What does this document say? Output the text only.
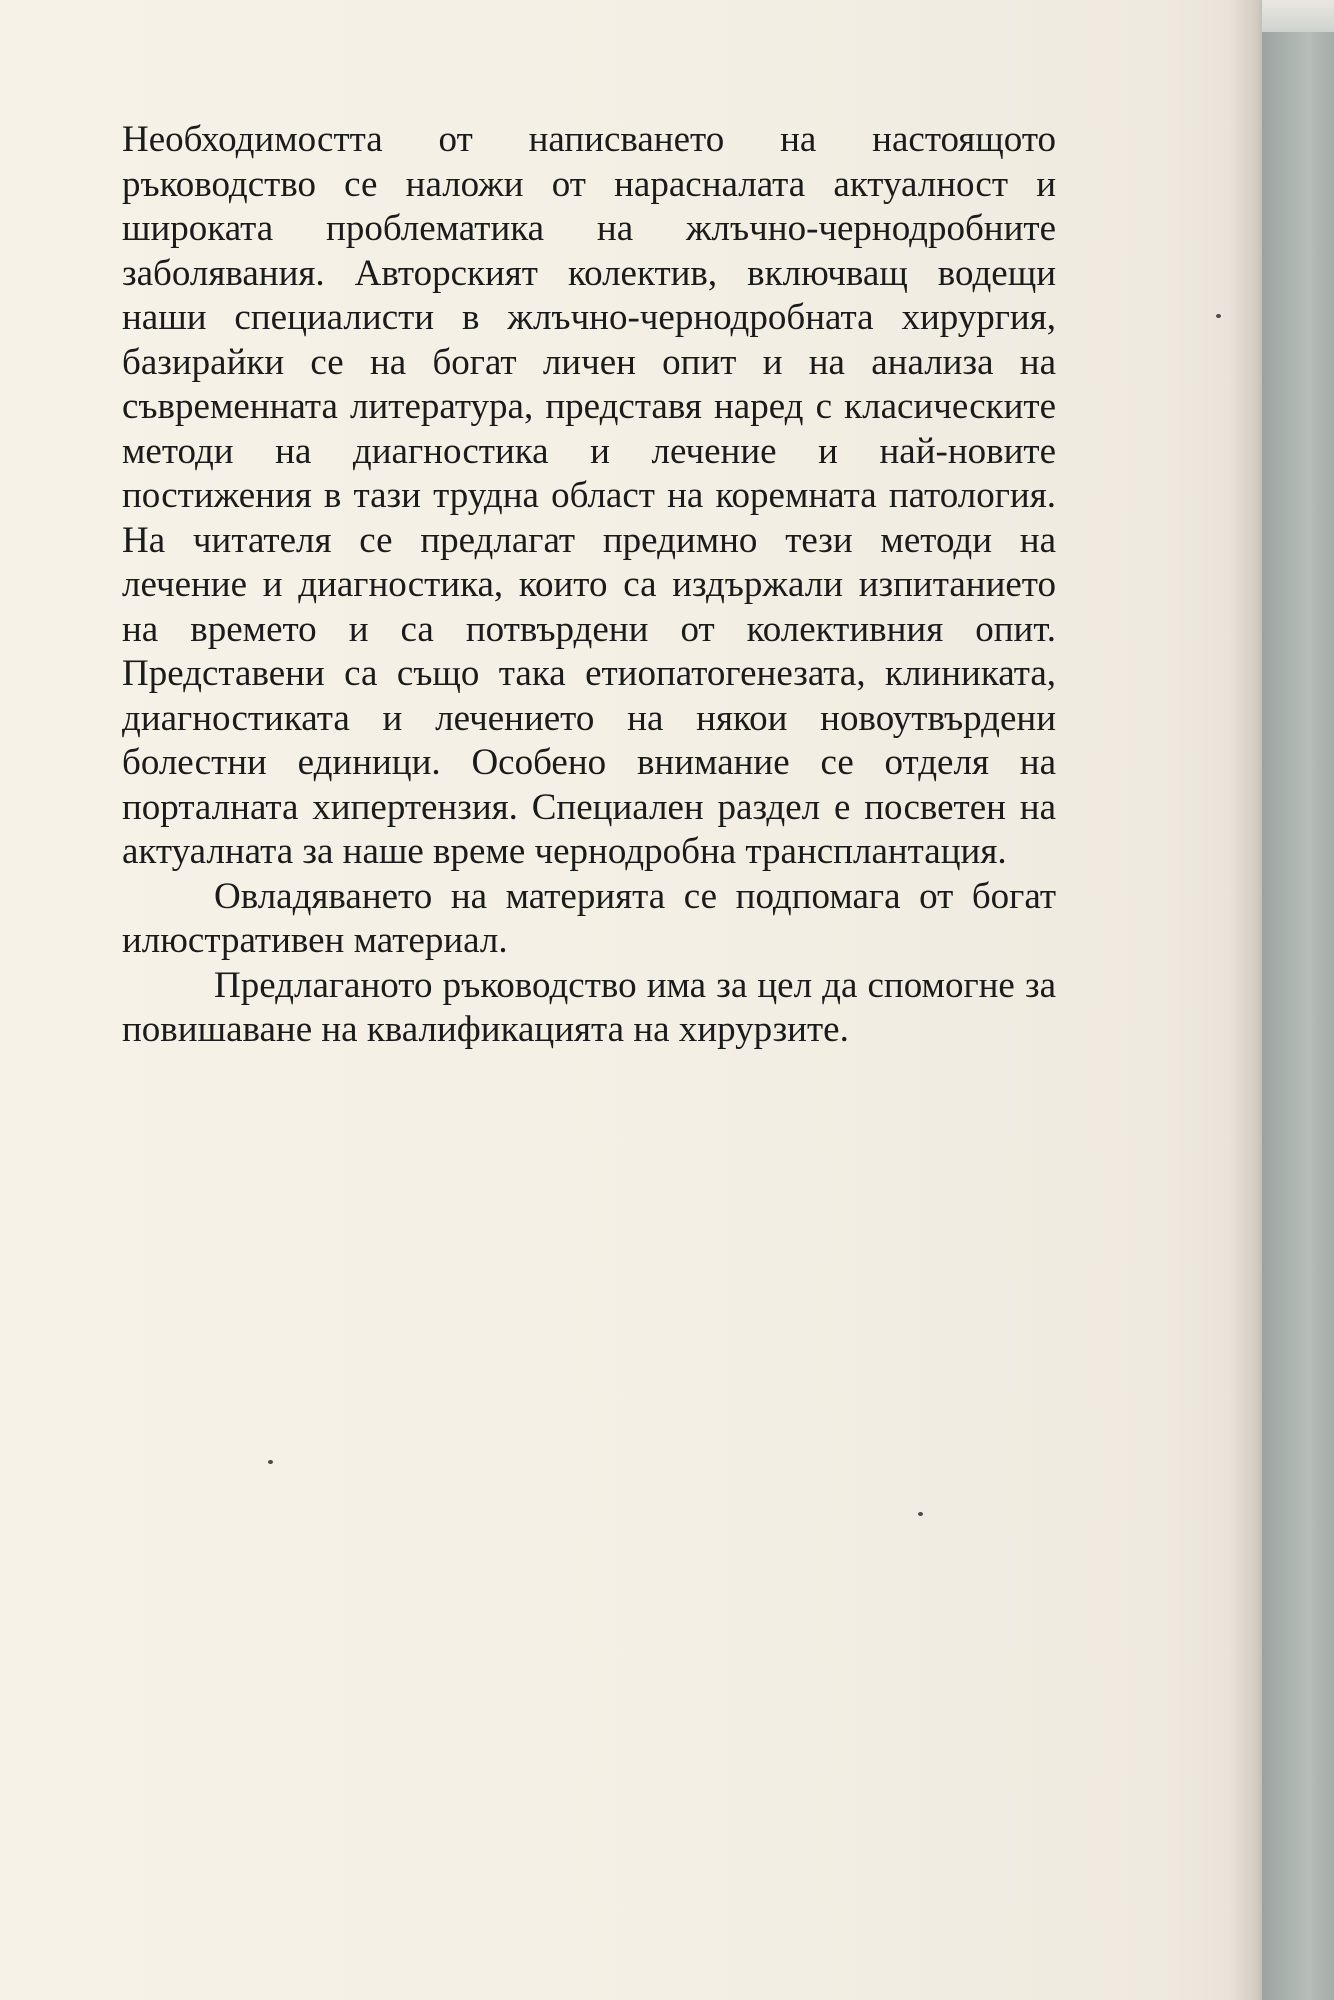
Необходимостта от написването на настоящото ръководство се наложи от нарасналата актуалност и широката проблематика на жлъчно-чернодробните заболявания. Авторският колектив, включващ водещи наши специалисти в жлъчно-чернодробната хирургия, базирайки се на богат личен опит и на анализа на съвременната литература, представя наред с класическите методи на диагностика и лечение и най-новите постижения в тази трудна област на коремната патология. На читателя се предлагат предимно тези методи на лечение и диагностика, които са издържали изпитанието на времето и са потвърдени от колективния опит. Представени са също така етиопатогенезата, клиниката, диагностиката и лечението на някои новоутвърдени болестни единици. Особено внимание се отделя на порталната хипертензия. Специален раздел е посветен на актуалната за наше време чернодробна трансплантация.

Овладяването на материята се подпомага от богат илюстративен материал.

Предлаганото ръководство има за цел да спомогне за повишаване на квалификацията на хирурзите.
